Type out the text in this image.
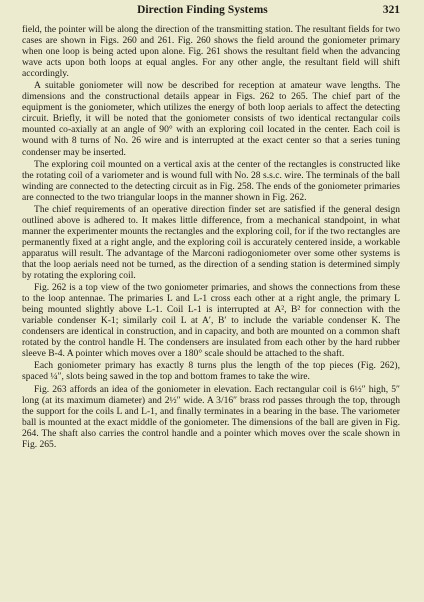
Direction Finding Systems	321

field, the pointer will be along the direction of the transmitting station. The resultant fields for two cases are shown in Figs. 260 and 261. Fig. 260 shows the field around the goniometer primary when one loop is being acted upon alone. Fig. 261 shows the resultant field when the advancing wave acts upon both loops at equal angles. For any other angle, the resultant field will shift accordingly.

A suitable goniometer will now be described for reception at amateur wave lengths. The dimensions and the constructional details appear in Figs. 262 to 265. The chief part of the equipment is the goniometer, which utilizes the energy of both loop aerials to affect the detecting circuit. Briefly, it will be noted that the goniometer consists of two identical rectangular coils mounted co-axially at an angle of 90° with an exploring coil located in the center. Each coil is wound with 8 turns of No. 26 wire and is interrupted at the exact center so that a series tuning condenser may be inserted.

The exploring coil mounted on a vertical axis at the center of the rectangles is constructed like the rotating coil of a variometer and is wound full with No. 28 s.s.c. wire. The terminals of the ball winding are connected to the detecting circuit as in Fig. 258. The ends of the goniometer primaries are connected to the two triangular loops in the manner shown in Fig. 262.

The chief requirements of an operative direction finder set are satisfied if the general design outlined above is adhered to. It makes little difference, from a mechanical standpoint, in what manner the experimenter mounts the rectangles and the exploring coil, for if the two rectangles are permanently fixed at a right angle, and the exploring coil is accurately centered inside, a workable apparatus will result. The advantage of the Marconi radiogoniometer over some other systems is that the loop aerials need not be turned, as the direction of a sending station is determined simply by rotating the exploring coil.

Fig. 262 is a top view of the two goniometer primaries, and shows the connections from these to the loop antennae. The primaries L and L-1 cross each other at a right angle, the primary L being mounted slightly above L-1. Coil L-1 is interrupted at A², B² for connection with the variable condenser K-1; similarly coil L at A′, B′ to include the variable condenser K. The condensers are identical in construction, and in capacity, and both are mounted on a common shaft rotated by the control handle H. The condensers are insulated from each other by the hard rubber sleeve B-4. A pointer which moves over a 180° scale should be attached to the shaft.

Each goniometer primary has exactly 8 turns plus the length of the top pieces (Fig. 262), spaced ¼″, slots being sawed in the top and bottom frames to take the wire.

Fig. 263 affords an idea of the goniometer in elevation. Each rectangular coil is 6½″ high, 5″ long (at its maximum diameter) and 2½″ wide. A 3/16″ brass rod passes through the top, through the support for the coils L and L-1, and finally terminates in a bearing in the base. The variometer ball is mounted at the exact middle of the goniometer. The dimensions of the ball are given in Fig. 264. The shaft also carries the control handle and a pointer which moves over the scale shown in Fig. 265.
